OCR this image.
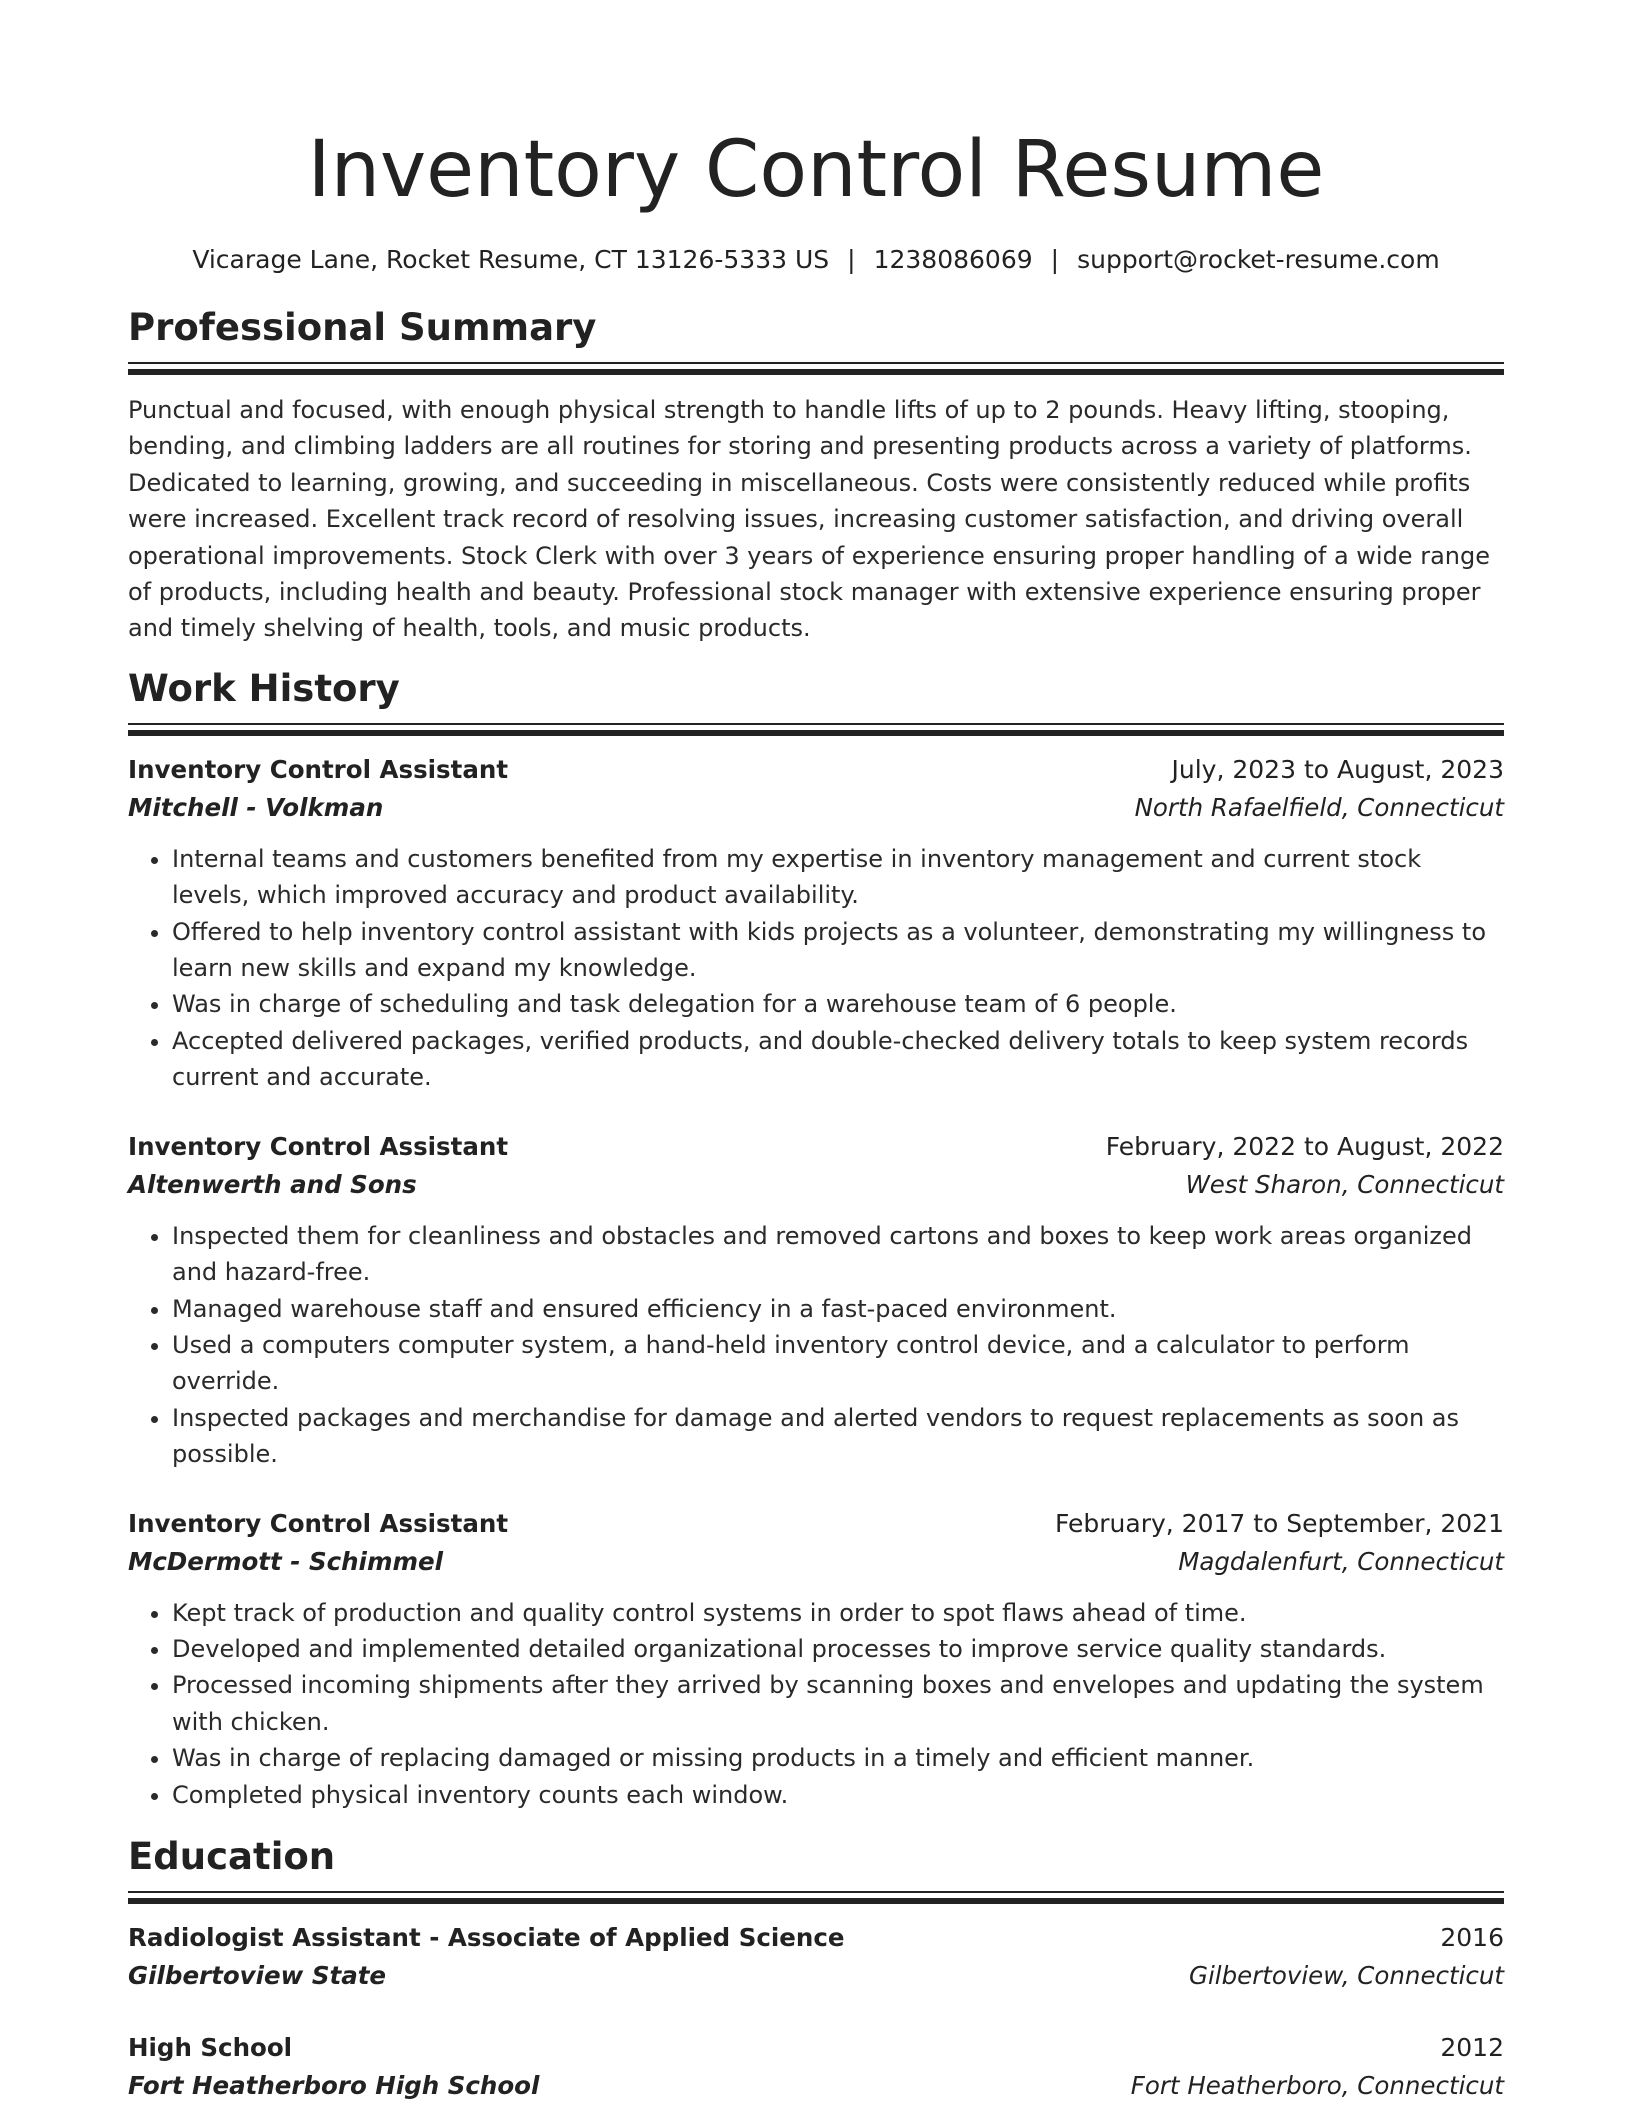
Inventory Control Resume
Vicarage Lane, Rocket Resume, CT 13126-5333 US | 1238086069 | support@rocket-resume.com
Professional Summary
Punctual and focused, with enough physical strength to handle lifts of up to 2 pounds. Heavy lifting, stooping, bending, and climbing ladders are all routines for storing and presenting products across a variety of platforms. Dedicated to learning, growing, and succeeding in miscellaneous. Costs were consistently reduced while profits were increased. Excellent track record of resolving issues, increasing customer satisfaction, and driving overall operational improvements. Stock Clerk with over 3 years of experience ensuring proper handling of a wide range of products, including health and beauty. Professional stock manager with extensive experience ensuring proper and timely shelving of health, tools, and music products.
Work History
Inventory Control Assistant	July, 2023 to August, 2023
Mitchell - Volkman	North Rafaelfield, Connecticut
• Internal teams and customers benefited from my expertise in inventory management and current stock levels, which improved accuracy and product availability.
• Offered to help inventory control assistant with kids projects as a volunteer, demonstrating my willingness to learn new skills and expand my knowledge.
• Was in charge of scheduling and task delegation for a warehouse team of 6 people.
• Accepted delivered packages, verified products, and double-checked delivery totals to keep system records current and accurate.
Inventory Control Assistant	February, 2022 to August, 2022
Altenwerth and Sons	West Sharon, Connecticut
• Inspected them for cleanliness and obstacles and removed cartons and boxes to keep work areas organized and hazard-free.
• Managed warehouse staff and ensured efficiency in a fast-paced environment.
• Used a computers computer system, a hand-held inventory control device, and a calculator to perform override.
• Inspected packages and merchandise for damage and alerted vendors to request replacements as soon as possible.
Inventory Control Assistant	February, 2017 to September, 2021
McDermott - Schimmel	Magdalenfurt, Connecticut
• Kept track of production and quality control systems in order to spot flaws ahead of time.
• Developed and implemented detailed organizational processes to improve service quality standards.
• Processed incoming shipments after they arrived by scanning boxes and envelopes and updating the system with chicken.
• Was in charge of replacing damaged or missing products in a timely and efficient manner.
• Completed physical inventory counts each window.
Education
Radiologist Assistant - Associate of Applied Science	2016
Gilbertoview State	Gilbertoview, Connecticut
High School	2012
Fort Heatherboro High School	Fort Heatherboro, Connecticut
